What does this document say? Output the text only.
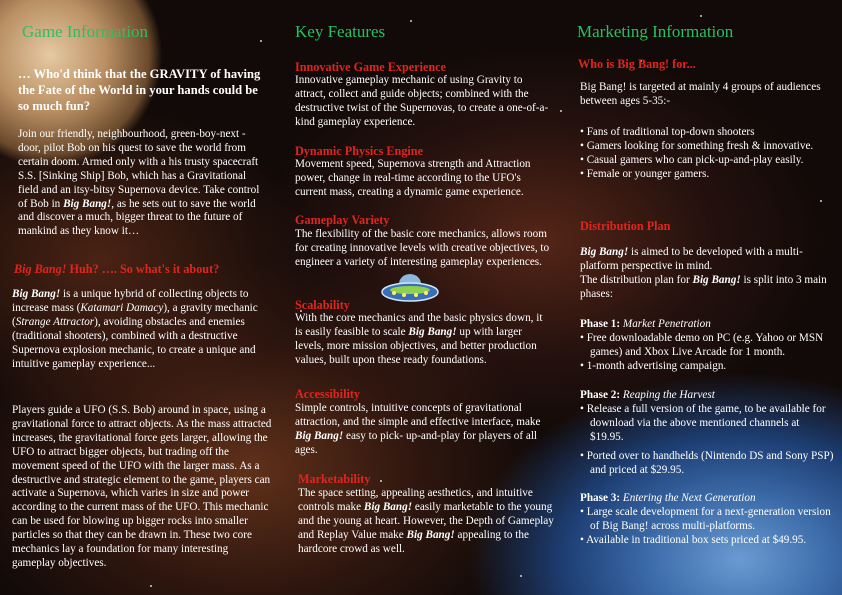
Game Information
… Who'd think that the GRAVITY of having the Fate of the World in your hands could be so much fun?
Join our friendly, neighbourhood, green-boy-next -door, pilot Bob on his quest to save the world from certain doom. Armed only with a his trusty spacecraft S.S. [Sinking Ship] Bob, which has a Gravitational field and an itsy-bitsy Supernova device. Take control of Bob in Big Bang!, as he sets out to save the world and discover a much, bigger threat to the future of mankind as they know it…
Big Bang! Huh? …. So what's it about?
Big Bang! is a unique hybrid of collecting objects to increase mass (Katamari Damacy), a gravity mechanic (Strange Attractor), avoiding obstacles and enemies (traditional shooters), combined with a destructive Supernova explosion mechanic, to create a unique and intuitive gameplay experience...
Players guide a UFO (S.S. Bob) around in space, using a gravitational force to attract objects. As the mass attracted increases, the gravitational force gets larger, allowing the UFO to attract bigger objects, but trading off the movement speed of the UFO with the larger mass. As a destructive and strategic element to the game, players can activate a Supernova, which varies in size and power according to the current mass of the UFO. This mechanic can be used for blowing up bigger rocks into smaller particles so that they can be drawn in. These two core mechanics lay a foundation for many interesting gameplay objectives.
Key Features
Innovative Game Experience
Innovative gameplay mechanic of using Gravity to attract, collect and guide objects; combined with the destructive twist of the Supernovas, to create a one-of-a-kind gameplay experience.
Dynamic Physics Engine
Movement speed, Supernova strength and Attraction power, change in real-time according to the UFO's current mass, creating a dynamic game experience.
Gameplay Variety
The flexibility of the basic core mechanics, allows room for creating innovative levels with creative objectives, to engineer a variety of interesting gameplay experiences.
Scalability
With the core mechanics and the basic physics down, it is easily feasible to scale Big Bang! up with larger levels, more mission objectives, and better production values, built upon these ready foundations.
Accessibility
Simple controls, intuitive concepts of gravitational attraction, and the simple and effective interface, make Big Bang! easy to pick- up-and-play for players of all ages.
Marketability
The space setting, appealing aesthetics, and intuitive controls make Big Bang! easily marketable to the young and the young at heart. However, the Depth of Gameplay and Replay Value make Big Bang! appealing to the hardcore crowd as well.
Marketing Information
Who is Big Bang! for...
Big Bang! is targeted at mainly 4 groups of audiences between ages 5-35:-
• Fans of traditional top-down shooters
• Gamers looking for something fresh & innovative.
• Casual gamers who can pick-up-and-play easily.
• Female or younger gamers.
Distribution Plan
Big Bang! is aimed to be developed with a multi-platform perspective in mind.
The distribution plan for Big Bang! is split into 3 main phases:
Phase 1: Market Penetration
• Free downloadable demo on PC (e.g. Yahoo or MSN games) and Xbox Live Arcade for 1 month.
• 1-month advertising campaign.
Phase 2: Reaping the Harvest
• Release a full version of the game, to be available for download via the above mentioned channels at $19.95.
• Ported over to handhelds (Nintendo DS and Sony PSP) and priced at $29.95.
Phase 3: Entering the Next Generation
• Large scale development for a next-generation version of Big Bang! across multi-platforms.
• Available in traditional box sets priced at $49.95.
